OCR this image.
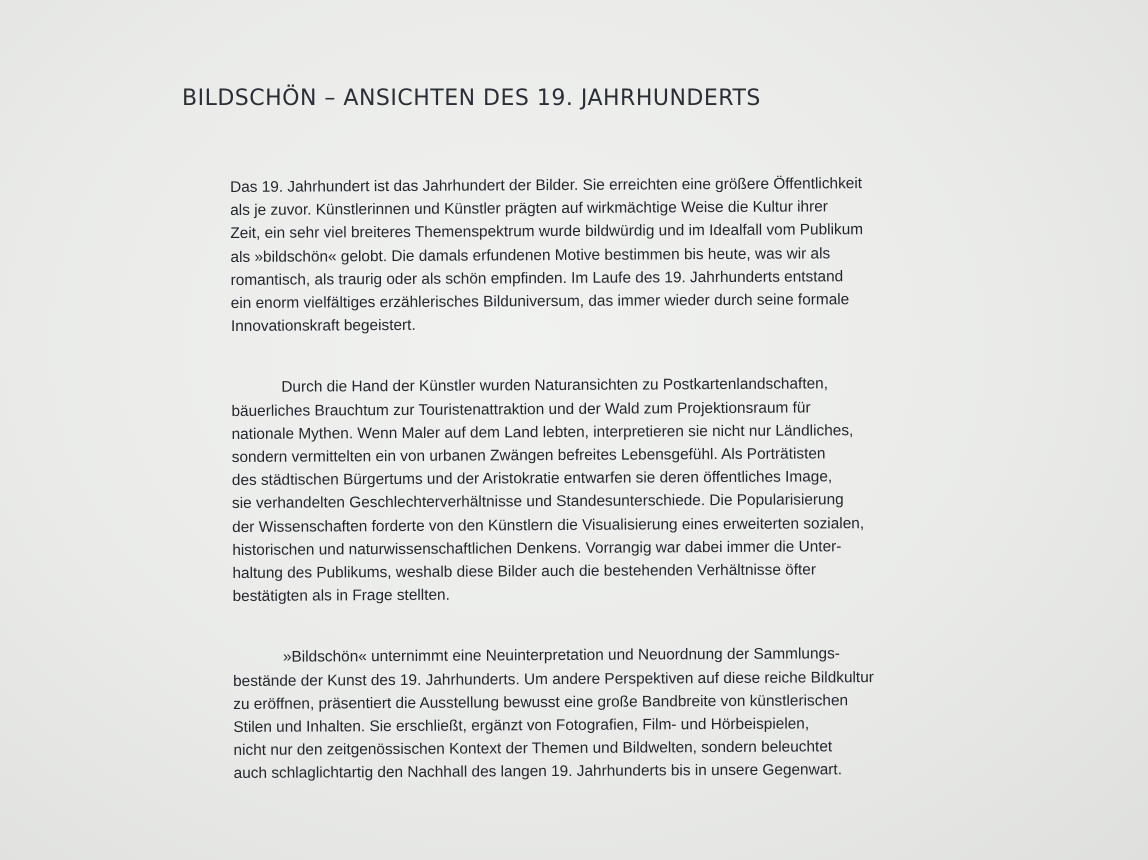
BILDSCHÖN – ANSICHTEN DES 19. JAHRHUNDERTS

Das 19. Jahrhundert ist das Jahrhundert der Bilder. Sie erreichten eine größere Öffentlichkeit

als je zuvor. Künstlerinnen und Künstler prägten auf wirkmächtige Weise die Kultur ihrer

Zeit, ein sehr viel breiteres Themenspektrum wurde bildwürdig und im Idealfall vom Publikum

als »bildschön« gelobt. Die damals erfundenen Motive bestimmen bis heute, was wir als

romantisch, als traurig oder als schön empfinden. Im Laufe des 19. Jahrhunderts entstand

ein enorm vielfältiges erzählerisches Bilduniversum, das immer wieder durch seine formale

Innovationskraft begeistert.

Durch die Hand der Künstler wurden Naturansichten zu Postkartenlandschaften,

bäuerliches Brauchtum zur Touristenattraktion und der Wald zum Projektionsraum für

nationale Mythen. Wenn Maler auf dem Land lebten, interpretieren sie nicht nur Ländliches,

sondern vermittelten ein von urbanen Zwängen befreites Lebensgefühl. Als Porträtisten

des städtischen Bürgertums und der Aristokratie entwarfen sie deren öffentliches Image,

sie verhandelten Geschlechterverhältnisse und Standesunterschiede. Die Popularisierung

der Wissenschaften forderte von den Künstlern die Visualisierung eines erweiterten sozialen,

historischen und naturwissenschaftlichen Denkens. Vorrangig war dabei immer die Unter-

haltung des Publikums, weshalb diese Bilder auch die bestehenden Verhältnisse öfter

bestätigten als in Frage stellten.

»Bildschön« unternimmt eine Neuinterpretation und Neuordnung der Sammlungs-

bestände der Kunst des 19. Jahrhunderts. Um andere Perspektiven auf diese reiche Bildkultur

zu eröffnen, präsentiert die Ausstellung bewusst eine große Bandbreite von künstlerischen

Stilen und Inhalten. Sie erschließt, ergänzt von Fotografien, Film- und Hörbeispielen,

nicht nur den zeitgenössischen Kontext der Themen und Bildwelten, sondern beleuchtet

auch schlaglichtartig den Nachhall des langen 19. Jahrhunderts bis in unsere Gegenwart.
